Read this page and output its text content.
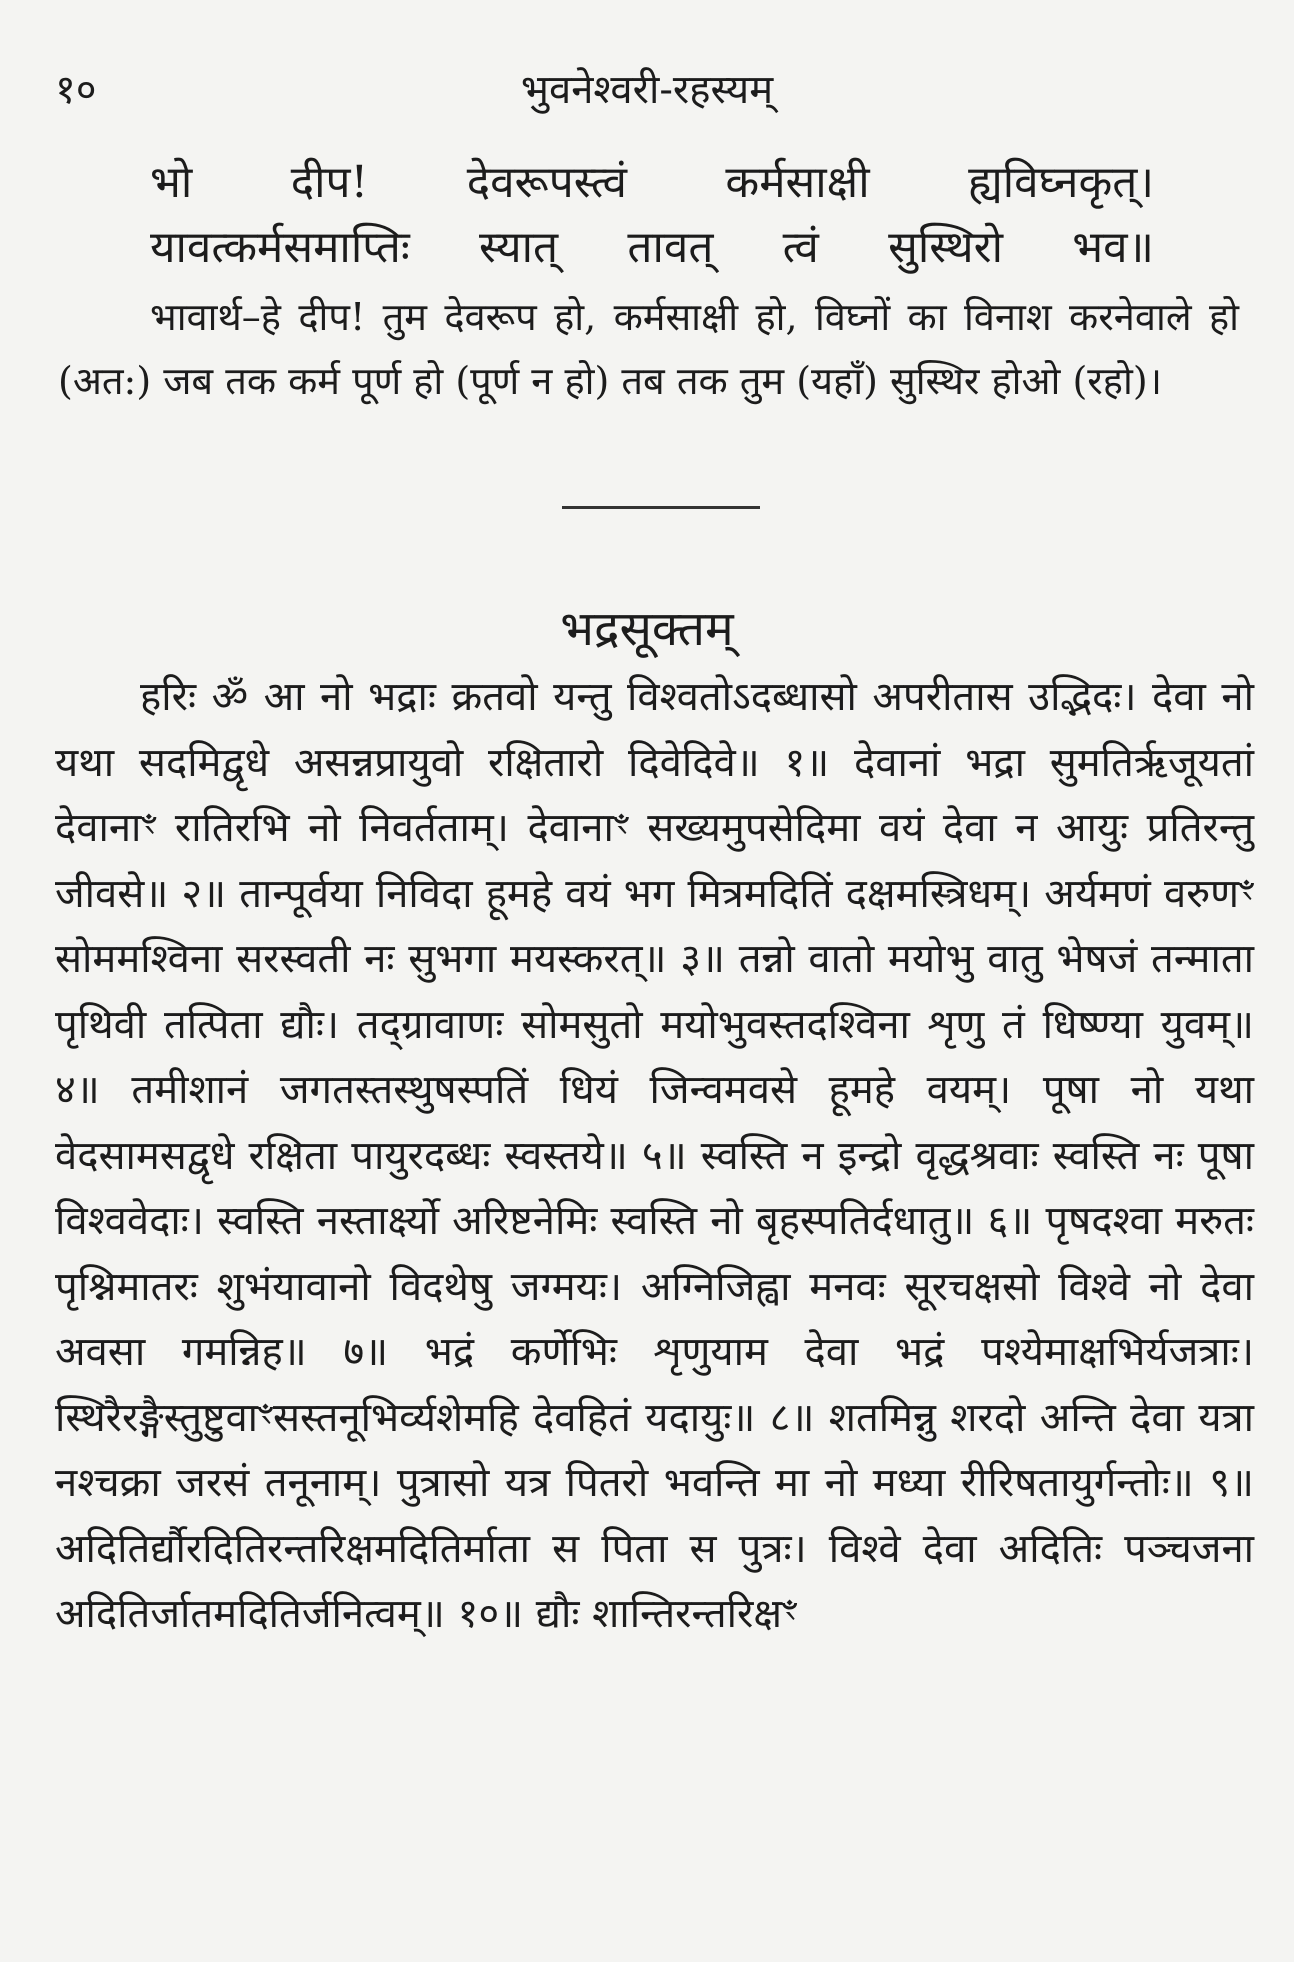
१०	भुवनेश्वरी-रहस्यम्
भो दीप! देवरूपस्त्वं कर्मसाक्षी ह्यविघ्नकृत्।
यावत्कर्मसमाप्तिः स्यात् तावत् त्वं सुस्थिरो भव॥

भावार्थ–हे दीप! तुम देवरूप हो, कर्मसाक्षी हो, विघ्नों का विनाश करनेवाले हो (अत:) जब तक कर्म पूर्ण हो (पूर्ण न हो) तब तक तुम (यहाँ) सुस्थिर होओ (रहो)।

भद्रसूक्तम्

हरिः ॐ आ नो भद्राः क्रतवो यन्तु विश्वतोऽदब्धासो अपरीतास उद्भिदः। देवा नो यथा सदमिद्वृधे असन्नप्रायुवो रक्षितारो दिवेदिवे॥ १॥ देवानां भद्रा सुमतिर्ऋजूयतां देवानाꣳ रातिरभि नो निवर्तताम्। देवानाꣳ सख्यमुपसेदिमा वयं देवा न आयुः प्रतिरन्तु जीवसे॥ २॥ तान्पूर्वया निविदा हूमहे वयं भग मित्रमदितिं दक्षमस्त्रिधम्। अर्यमणं वरुणꣳ सोममश्विना सरस्वती नः सुभगा मयस्करत्॥ ३॥ तन्नो वातो मयोभु वातु भेषजं तन्माता पृथिवी तत्पिता द्यौः। तद्ग्रावाणः सोमसुतो मयोभुवस्तदश्विना शृणु तं धिष्ण्या युवम्॥ ४॥ तमीशानं जगतस्तस्थुषस्पतिं धियं जिन्वमवसे हूमहे वयम्। पूषा नो यथा वेदसामसद्वृधे रक्षिता पायुरदब्धः स्वस्तये॥ ५॥ स्वस्ति न इन्द्रो वृद्धश्रवाः स्वस्ति नः पूषा विश्ववेदाः। स्वस्ति नस्तार्क्ष्यो अरिष्टनेमिः स्वस्ति नो बृहस्पतिर्दधातु॥ ६॥ पृषदश्वा मरुतः पृश्निमातरः शुभंयावानो विदथेषु जग्मयः। अग्निजिह्वा मनवः सूरचक्षसो विश्वे नो देवा अवसा गमन्निह॥ ७॥ भद्रं कर्णेभिः शृणुयाम देवा भद्रं पश्येमाक्षभिर्यजत्राः। स्थिरैरङ्गैस्तुष्टुवाꣳसस्तनूभिर्व्यशेमहि देवहितं यदायुः॥ ८॥ शतमिन्नु शरदो अन्ति देवा यत्रा नश्चक्रा जरसं तनूनाम्। पुत्रासो यत्र पितरो भवन्ति मा नो मध्या रीरिषतायुर्गन्तोः॥ ९॥ अदितिर्द्यौरदितिरन्तरिक्षमदितिर्माता स पिता स पुत्रः। विश्वे देवा अदितिः पञ्चजना अदितिर्जातमदितिर्जनित्वम्॥ १०॥ द्यौः शान्तिरन्तरिक्षꣳ
